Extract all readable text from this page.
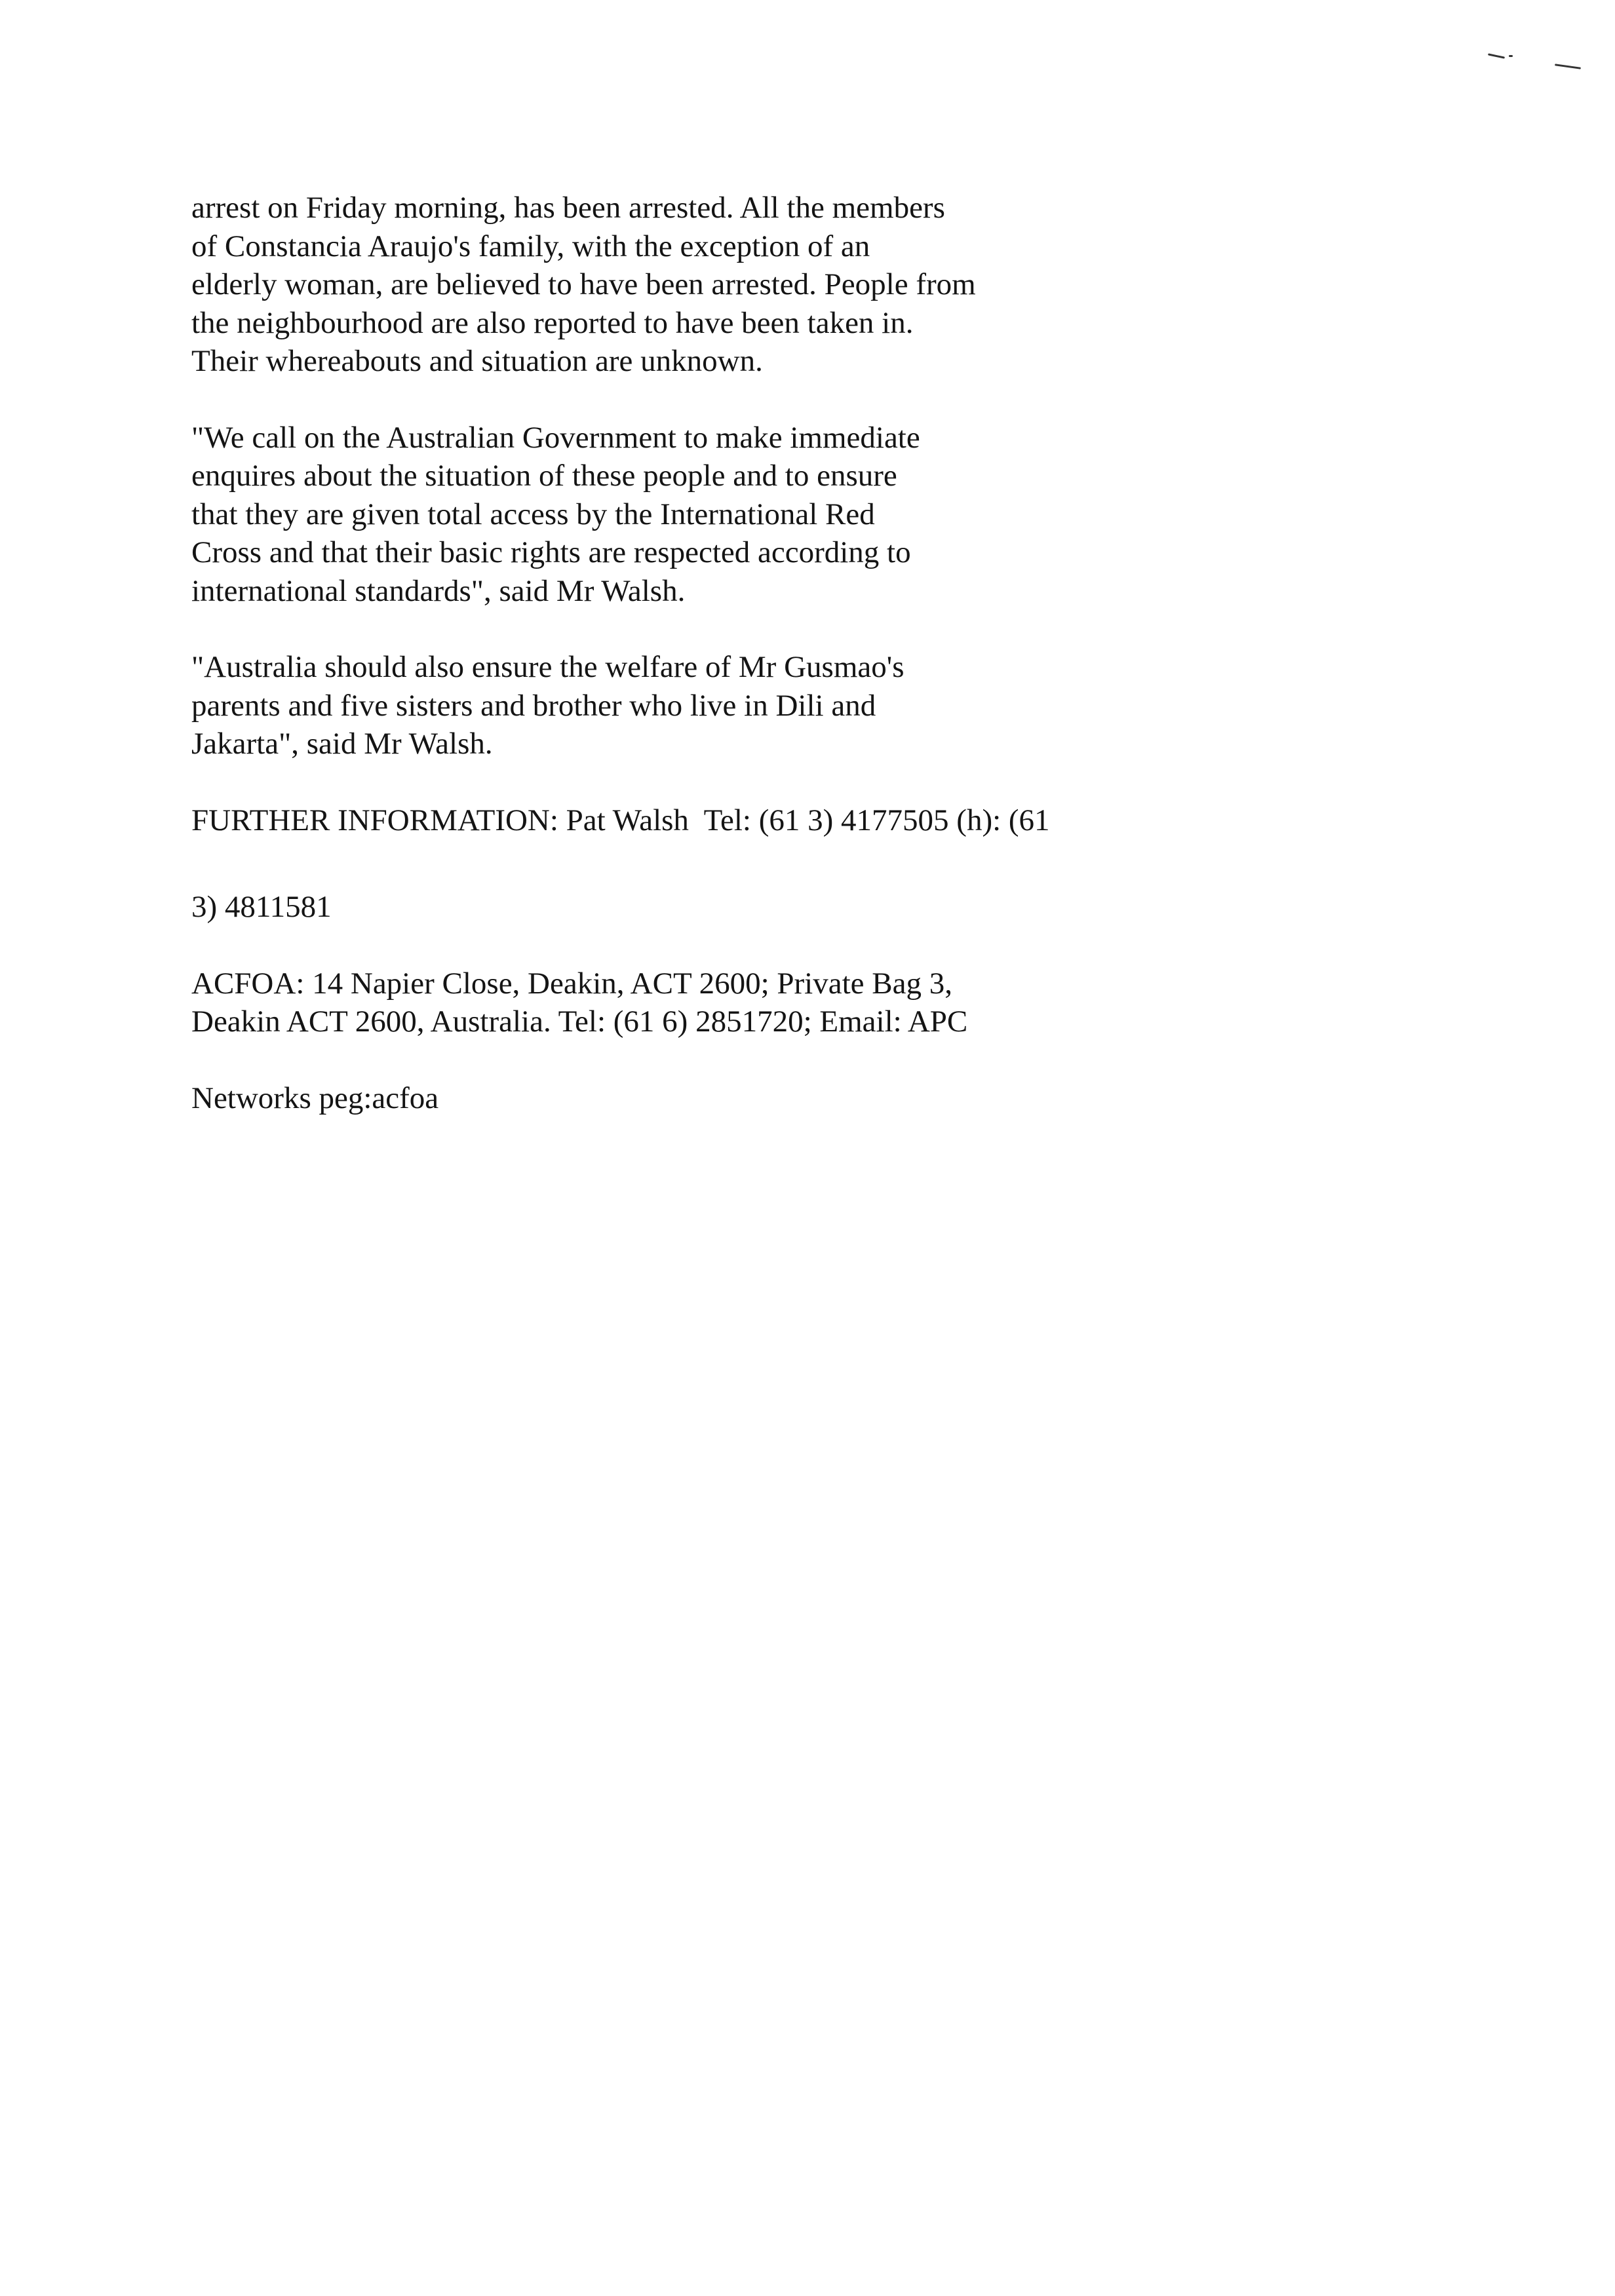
arrest on Friday morning, has been arrested. All the members
of Constancia Araujo's family, with the exception of an
elderly woman, are believed to have been arrested. People from
the neighbourhood are also reported to have been taken in.
Their whereabouts and situation are unknown.

"We call on the Australian Government to make immediate
enquires about the situation of these people and to ensure
that they are given total access by the International Red
Cross and that their basic rights are respected according to
international standards", said Mr Walsh.

"Australia should also ensure the welfare of Mr Gusmao's
parents and five sisters and brother who live in Dili and
Jakarta", said Mr Walsh.

FURTHER INFORMATION: Pat Walsh  Tel: (61 3) 4177505 (h): (61

3) 4811581

ACFOA: 14 Napier Close, Deakin, ACT 2600; Private Bag 3,
Deakin ACT 2600, Australia. Tel: (61 6) 2851720; Email: APC

Networks peg:acfoa
